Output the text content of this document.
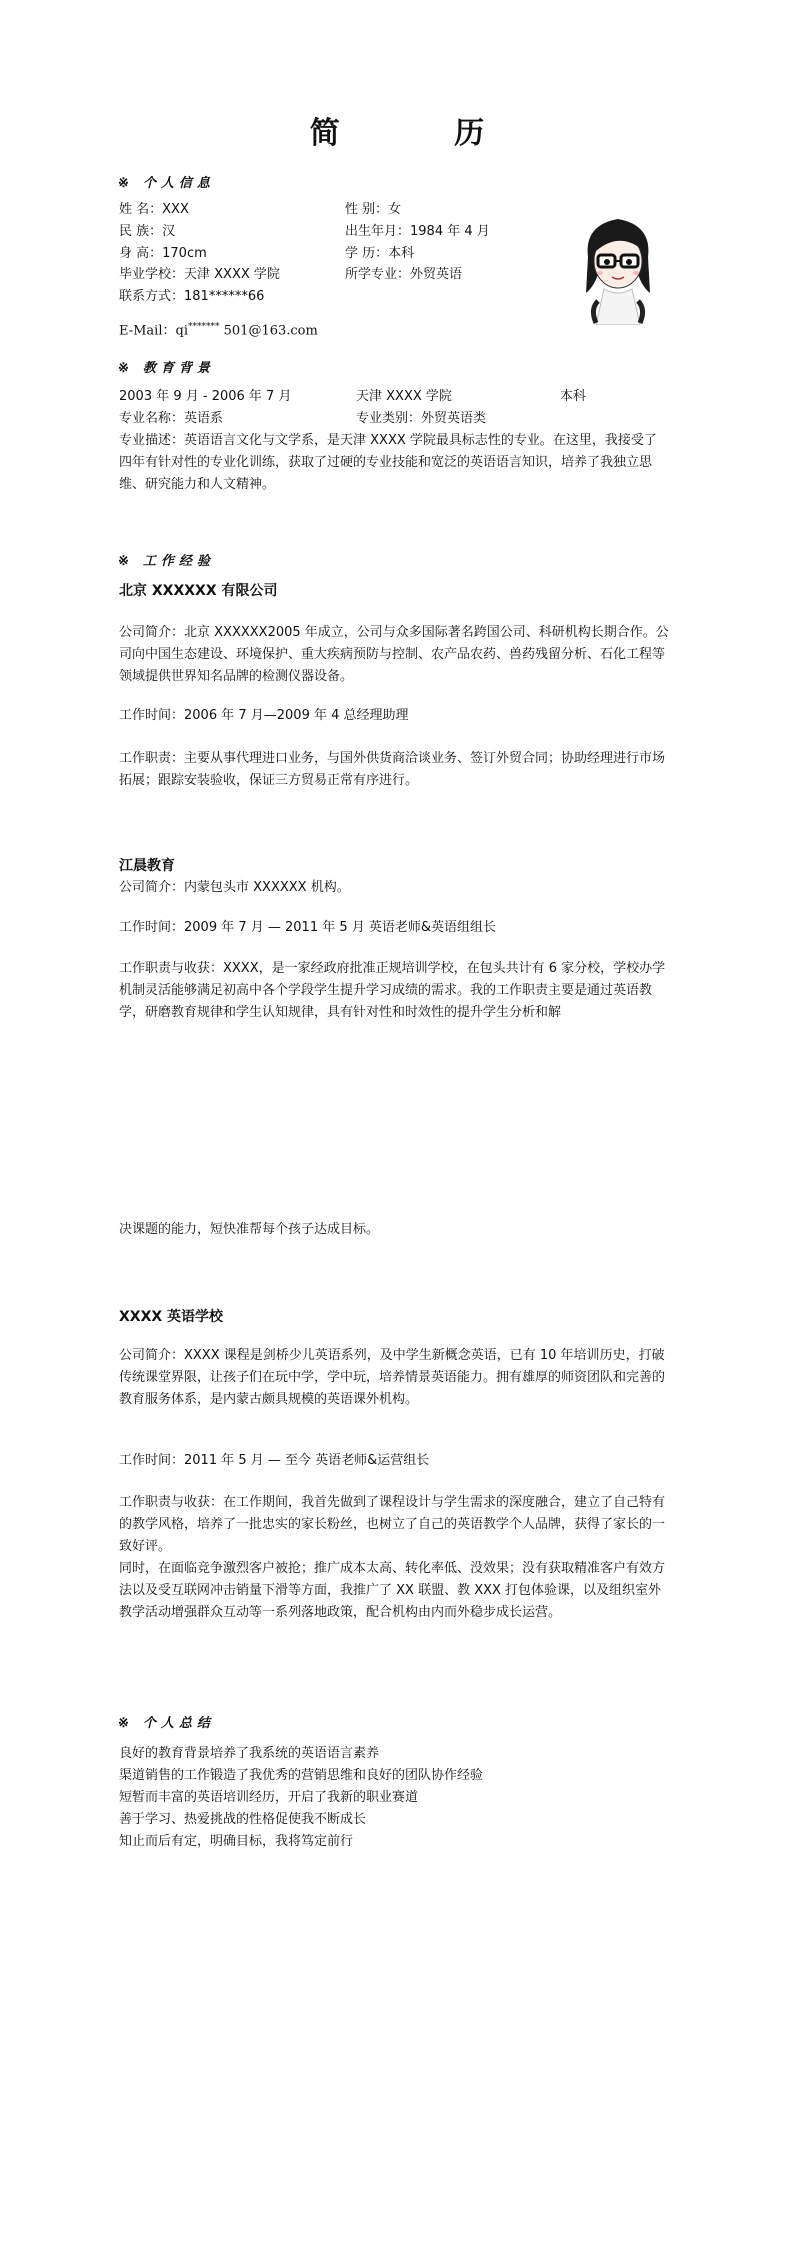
简 历
※ 个人信息
姓 名：XXX	性 别：女
民 族：汉	出生年月：1984 年 4 月
身 高：170cm	学 历：本科
毕业学校：天津 XXXX 学院	所学专业：外贸英语
联系方式：181******66
E-Mail：qi******* 501@163.com
※ 教育背景
2003 年 9 月 - 2006 年 7 月	天津 XXXX 学院	本科
专业名称：英语系	专业类别：外贸英语类
专业描述：英语语言文化与文学系，是天津 XXXX 学院最具标志性的专业。在这里，我接受了四年有针对性的专业化训练，获取了过硬的专业技能和宽泛的英语语言知识，培养了我独立思维、研究能力和人文精神。
※ 工作经验
北京 XXXXXX 有限公司
公司简介：北京 XXXXXX2005 年成立，公司与众多国际著名跨国公司、科研机构长期合作。公司向中国生态建设、环境保护、重大疾病预防与控制、农产品农药、兽药残留分析、石化工程等领域提供世界知名品牌的检测仪器设备。
工作时间：2006 年 7 月—2009 年 4 总经理助理
工作职责：主要从事代理进口业务，与国外供货商洽谈业务、签订外贸合同；协助经理进行市场拓展；跟踪安装验收，保证三方贸易正常有序进行。
江晨教育
公司简介：内蒙包头市 XXXXXX 机构。
工作时间：2009 年 7 月 — 2011 年 5 月 英语老师&英语组组长
工作职责与收获：XXXX，是一家经政府批准正规培训学校，在包头共计有 6 家分校，学校办学机制灵活能够满足初高中各个学段学生提升学习成绩的需求。我的工作职责主要是通过英语教学，研磨教育规律和学生认知规律，具有针对性和时效性的提升学生分析和解
决课题的能力，短快准帮每个孩子达成目标。
XXXX 英语学校
公司简介：XXXX 课程是剑桥少儿英语系列，及中学生新概念英语，已有 10 年培训历史，打破传统课堂界限，让孩子们在玩中学，学中玩，培养情景英语能力。拥有雄厚的师资团队和完善的教育服务体系，是内蒙古颇具规模的英语课外机构。
工作时间：2011 年 5 月 — 至今 英语老师&运营组长
工作职责与收获：在工作期间，我首先做到了课程设计与学生需求的深度融合，建立了自己特有的教学风格，培养了一批忠实的家长粉丝，也树立了自己的英语教学个人品牌，获得了家长的一致好评。
同时，在面临竞争激烈客户被抢；推广成本太高、转化率低、没效果；没有获取精准客户有效方法以及受互联网冲击销量下滑等方面，我推广了 XX 联盟、教 XXX 打包体验课，以及组织室外教学活动增强群众互动等一系列落地政策，配合机构由内而外稳步成长运营。
※ 个人总结
良好的教育背景培养了我系统的英语语言素养
渠道销售的工作锻造了我优秀的营销思维和良好的团队协作经验
短暂而丰富的英语培训经历，开启了我新的职业赛道
善于学习、热爱挑战的性格促使我不断成长
知止而后有定，明确目标，我将笃定前行
